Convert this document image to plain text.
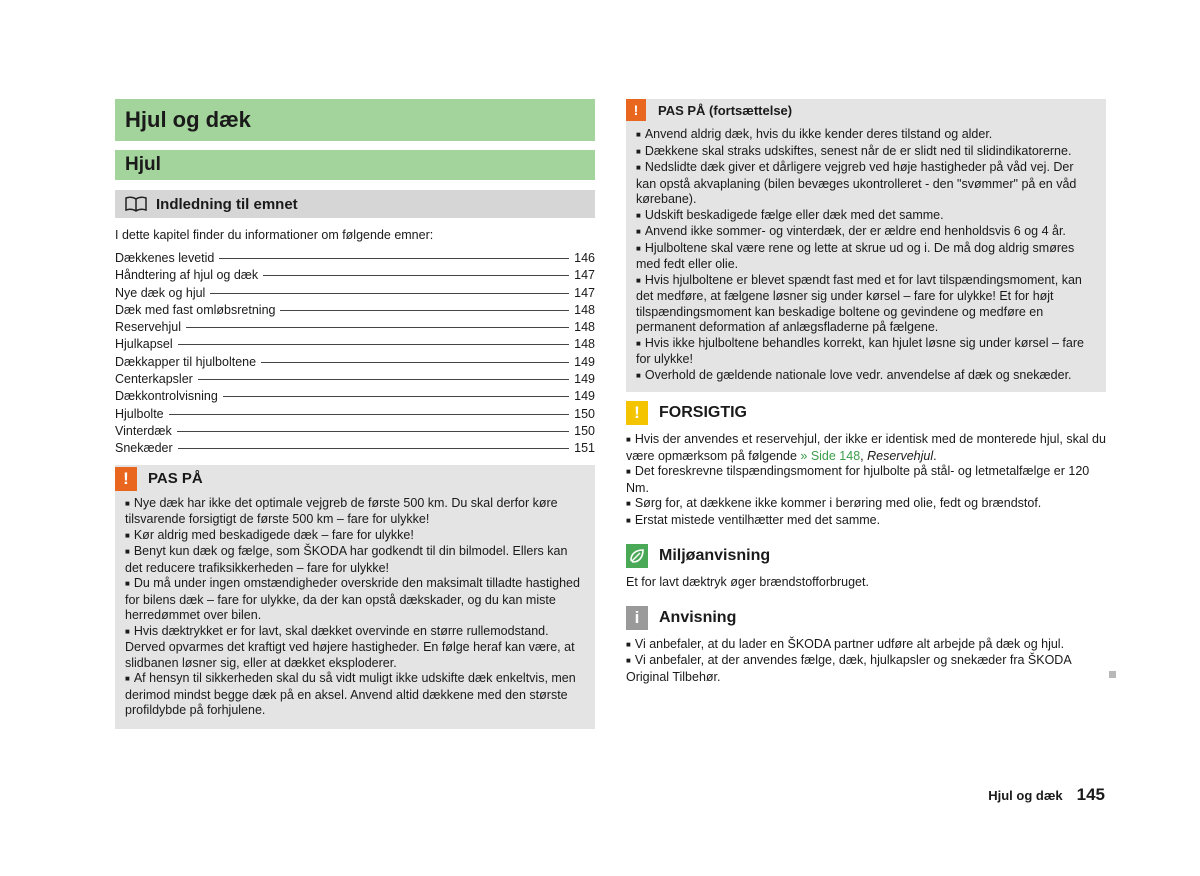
Hjul og dæk
Hjul
Indledning til emnet
I dette kapitel finder du informationer om følgende emner:
Dækkenes levetid	146
Håndtering af hjul og dæk	147
Nye dæk og hjul	147
Dæk med fast omløbsretning	148
Reservehjul	148
Hjulkapsel	148
Dækkapper til hjulboltene	149
Centerkapsler	149
Dækkontrolvisning	149
Hjulbolte	150
Vinterdæk	150
Snekæder	151
!	PAS PÅ
■ Nye dæk har ikke det optimale vejgreb de første 500 km. Du skal derfor køre tilsvarende forsigtigt de første 500 km – fare for ulykke!
■ Kør aldrig med beskadigede dæk – fare for ulykke!
■ Benyt kun dæk og fælge, som ŠKODA har godkendt til din bilmodel. Ellers kan det reducere trafiksikkerheden – fare for ulykke!
■ Du må under ingen omstændigheder overskride den maksimalt tilladte hastighed for bilens dæk – fare for ulykke, da der kan opstå dækskader, og du kan miste herredømmet over bilen.
■ Hvis dæktrykket er for lavt, skal dækket overvinde en større rullemodstand. Derved opvarmes det kraftigt ved højere hastigheder. En følge heraf kan være, at slidbanen løsner sig, eller at dækket eksploderer.
■ Af hensyn til sikkerheden skal du så vidt muligt ikke udskifte dæk enkeltvis, men derimod mindst begge dæk på en aksel. Anvend altid dækkene med den største profildybde på forhjulene.
!	PAS PÅ (fortsættelse)
■ Anvend aldrig dæk, hvis du ikke kender deres tilstand og alder.
■ Dækkene skal straks udskiftes, senest når de er slidt ned til slidindikatorerne.
■ Nedslidte dæk giver et dårligere vejgreb ved høje hastigheder på våd vej. Der kan opstå akvaplaning (bilen bevæges ukontrolleret - den "svømmer" på en våd kørebane).
■ Udskift beskadigede fælge eller dæk med det samme.
■ Anvend ikke sommer- og vinterdæk, der er ældre end henholdsvis 6 og 4 år.
■ Hjulboltene skal være rene og lette at skrue ud og i. De må dog aldrig smøres med fedt eller olie.
■ Hvis hjulboltene er blevet spændt fast med et for lavt tilspændingsmoment, kan det medføre, at fælgene løsner sig under kørsel – fare for ulykke! Et for højt tilspændingsmoment kan beskadige boltene og gevindene og medføre en permanent deformation af anlægsfladerne på fælgene.
■ Hvis ikke hjulboltene behandles korrekt, kan hjulet løsne sig under kørsel – fare for ulykke!
■ Overhold de gældende nationale love vedr. anvendelse af dæk og snekæder.
!	FORSIGTIG
■ Hvis der anvendes et reservehjul, der ikke er identisk med de monterede hjul, skal du være opmærksom på følgende » Side 148, Reservehjul.
■ Det foreskrevne tilspændingsmoment for hjulbolte på stål- og letmetalfælge er 120 Nm.
■ Sørg for, at dækkene ikke kommer i berøring med olie, fedt og brændstof.
■ Erstat mistede ventilhætter med det samme.
Miljøanvisning
Et for lavt dæktryk øger brændstofforbruget.
i	Anvisning
■ Vi anbefaler, at du lader en ŠKODA partner udføre alt arbejde på dæk og hjul.
■ Vi anbefaler, at der anvendes fælge, dæk, hjulkapsler og snekæder fra ŠKODA Original Tilbehør.
Hjul og dæk 145
